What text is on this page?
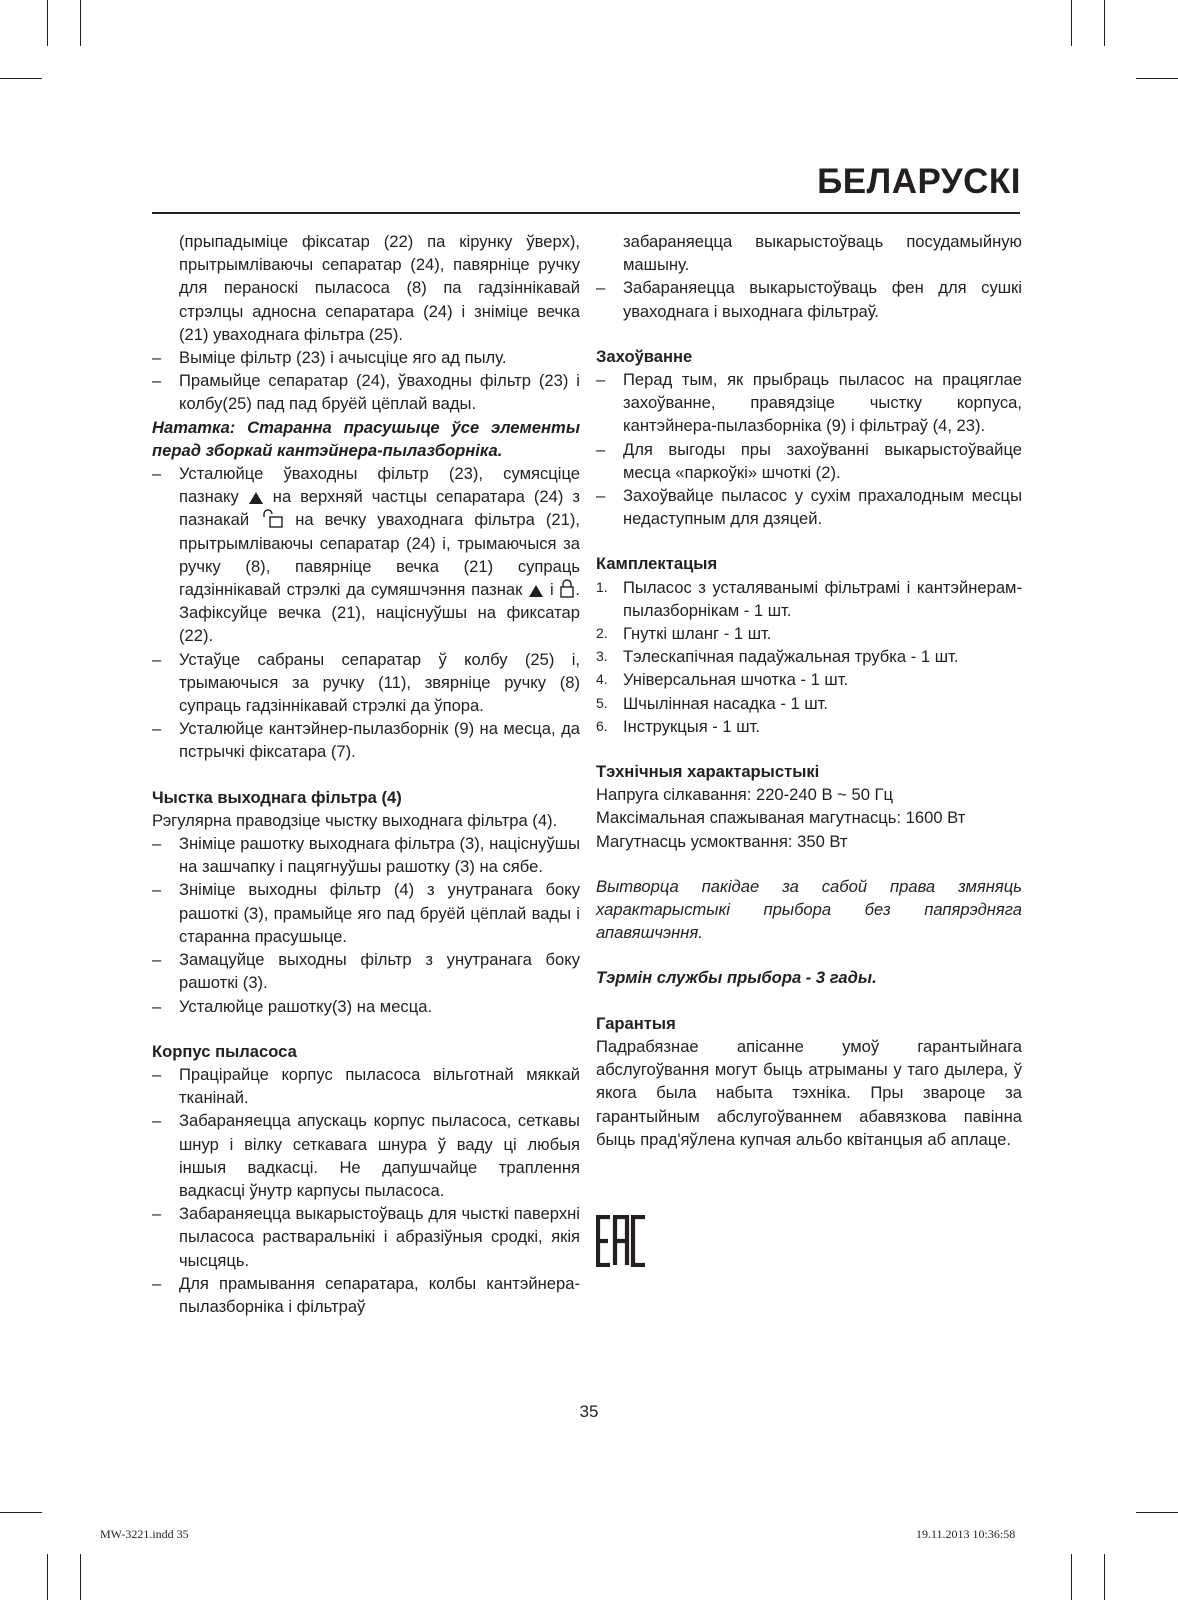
БЕЛАРУСКІ

(прыпадыміце фіксатар (22) па кірунку ўверх), прытрымліваючы сепаратар (24), павярніце ручку для пераноскі пыласоса (8) па гадзіннікавай стрэлцы адносна сепаратара (24) і зніміце вечка (21) уваходнага фільтра (25).

– Выміце фільтр (23) і ачысціце яго ад пылу.
– Прамыйце сепаратар (24), ўваходны фільтр (23) і колбу(25) пад пад бруёй цёплай вады.

Нататка: Старанна прасушыце ўсе элементы перад зборкай кантэйнера-пылазборніка.

– Усталюйце ўваходны фільтр (23), сумясціце пазнаку на верхняй частцы сепаратара (24) з пазнакай	на вечку уваходнага фільтра (21), прытрымліваючы сепаратар (24) і, трымаючыся за ручку (8), павярніце вечка (21) супраць гадзіннікавай стрэлкі да сумяшчэння пазнак і . Зафіксуйце вечка (21), націснуўшы на фиксатар (22).
– Устаўце сабраны сепаратар ў колбу (25) і, трымаючыся за ручку (11), звярніце ручку (8) супраць гадзіннікавай стрэлкі да ўпора.
– Усталюйце кантэйнер-пылазборнік (9) на месца, да пстрычкі фіксатара (7).

Чыстка выходнага фільтра (4)

Рэгулярна праводзіце чыстку выходнага фільтра (4).

– Зніміце рашотку выходнага фільтра (3), націснуўшы на зашчапку і пацягнуўшы рашотку (3) на сябе.
– Зніміце выходны фільтр (4) з унутранага боку рашоткі (3), прамыйце яго пад бруёй цёплай вады і старанна прасушыце.
– Замацуйце выходны фільтр з унутранага боку рашоткі (3).
– Усталюйце рашотку(3) на месца.

Корпус пыласоса

– Працірайце корпус пыласоса вільготнай мяккай тканінай.
– Забараняецца апускаць корпус пыласоса, сеткавы шнур і вілку сеткавага шнура ў ваду ці любыя іншыя вадкасці. Не дапушчайце траплення вадкасці ўнутр карпусы пыласоса.
– Забараняецца выкарыстоўваць для чысткі паверхні пыласоса растваральнікі і абразіўныя сродкі, якія чысцяць.
– Для прамывання сепаратара, колбы кантэйнера-пылазборніка і фільтраў

забараняецца выкарыстоўваць посудамыйную машыну.

– Забараняецца выкарыстоўваць фен для сушкі уваходнага і выходнага фільтраў.

Захоўванне

– Перад тым, як прыбраць пыласос на працяглае захоўванне, правядзіце чыстку корпуса, кантэйнера-пылазборніка (9) і фільтраў (4, 23).
– Для выгоды пры захоўванні выкарыстоўвайце месца «паркоўкі» шчоткі (2).
– Захоўвайце пыласос у сухім прахалодным месцы недаступным для дзяцей.

Камплектацыя

1. Пыласос з усталяванымі фільтрамі і кантэйнерам-пылазборнікам - 1 шт.
2. Гнуткі шланг - 1 шт.
3. Тэлескапічная падаўжальная трубка - 1 шт.
4. Універсальная шчотка - 1 шт.
5. Шчылінная насадка - 1 шт.
6. Інструкцыя - 1 шт.

Тэхнічныя характарыстыкі

Напруга сілкавання: 220-240 В ~ 50 Гц

Максімальная спажываная магутнасць: 1600 Вт

Магутнасць усмоктвання: 350 Вт

Вытворца пакідае за сабой права змяняць характарыстыкі прыбора без папярэдняга апавяшчэння.

Тэрмін службы прыбора - 3 гады.

Гарантыя

Падрабязнае апісанне умоў гарантыйнага абслугоўвання могут быць атрыманы у таго дылера, ў якога была набыта тэхніка. Пры звароце за гарантыйным абслугоўваннем абавязкова павінна быць прад'яўлена купчая альбо квітанцыя аб аплаце.

35
MW-3221.indd 35	19.11.2013 10:36:58
